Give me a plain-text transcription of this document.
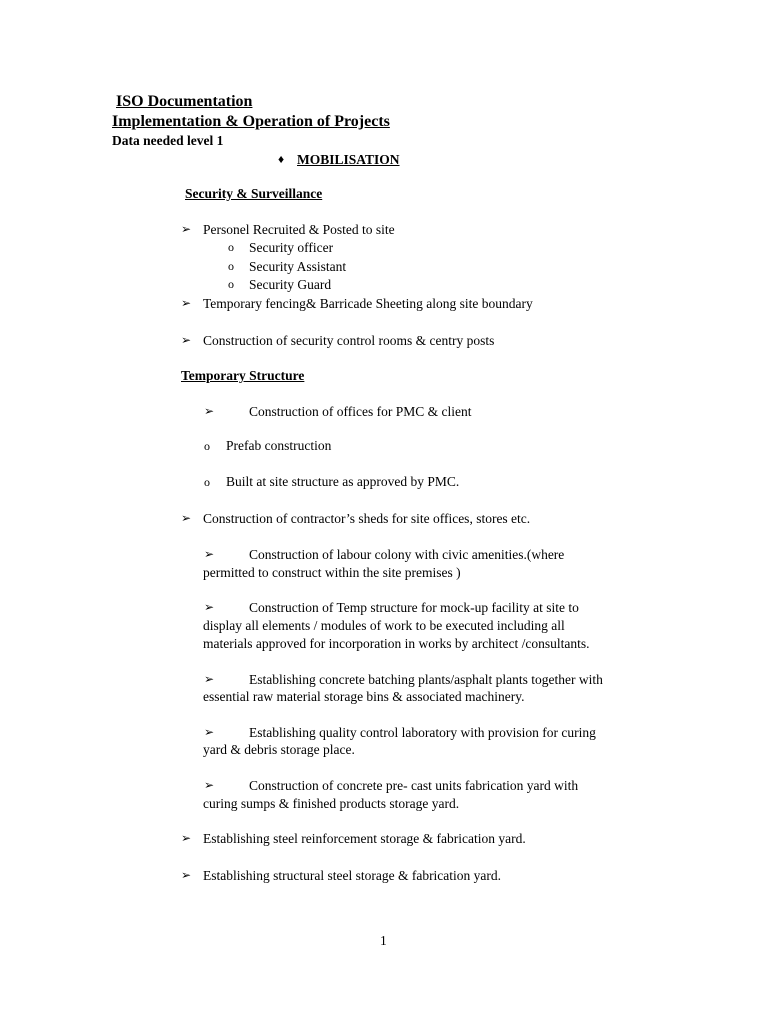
ISO Documentation
Implementation & Operation of Projects
Data needed level 1
♦ MOBILISATION
Security & Surveillance
➢ Personel Recruited & Posted to site
o Security officer
o Security Assistant
o Security Guard
➢ Temporary fencing& Barricade Sheeting along site boundary
➢ Construction of security control rooms & centry posts
Temporary Structure
➢	Construction of offices for PMC & client
o Prefab construction
o Built at site structure as approved by PMC.
➢ Construction of contractor’s sheds for site offices, stores etc.
➢	Construction of labour colony with civic amenities.(where
permitted to construct within the site premises )
➢	Construction of Temp structure for mock-up facility at site to
display all elements / modules of work to be executed including all
materials approved for incorporation in works by architect /consultants.
➢	Establishing concrete batching plants/asphalt plants together with
essential raw material storage bins & associated machinery.
➢	Establishing quality control laboratory with provision for curing
yard & debris storage place.
➢	Construction of concrete pre- cast units fabrication yard with
curing sumps & finished products storage yard.
➢ Establishing steel reinforcement storage & fabrication yard.
➢ Establishing structural steel storage & fabrication yard.
1
